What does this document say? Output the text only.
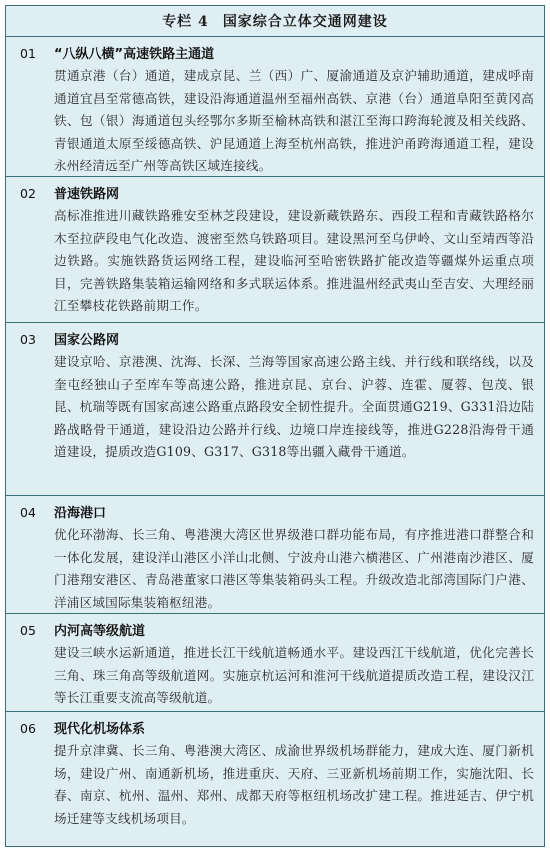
专栏 4 国家综合立体交通网建设
01	“八纵八横”高速铁路主通道
贯通京港（台）通道，建成京昆、兰（西）广、厦渝通道及京沪辅助通道，建成呼南通道宜昌至常德高铁，建设沿海通道温州至福州高铁、京港（台）通道阜阳至黄冈高铁、包（银）海通道包头经鄂尔多斯至榆林高铁和湛江至海口跨海轮渡及相关线路、青银通道太原至绥德高铁、沪昆通道上海至杭州高铁，推进沪甬跨海通道工程，建设永州经清远至广州等高铁区域连接线。
02	普速铁路网
高标准推进川藏铁路雅安至林芝段建设，建设新藏铁路东、西段工程和青藏铁路格尔木至拉萨段电气化改造、渡密至然乌铁路项目。建设黑河至乌伊岭、文山至靖西等沿边铁路。实施铁路货运网络工程，建设临河至哈密铁路扩能改造等疆煤外运重点项目，完善铁路集装箱运输网络和多式联运体系。推进温州经武夷山至吉安、大理经丽江至攀枝花铁路前期工作。
03	国家公路网
建设京哈、京港澳、沈海、长深、兰海等国家高速公路主线、并行线和联络线，以及奎屯经独山子至库车等高速公路，推进京昆、京台、沪蓉、连霍、厦蓉、包茂、银昆、杭瑞等既有国家高速公路重点路段安全韧性提升。全面贯通G219、G331沿边陆路战略骨干通道，建设沿边公路并行线、边境口岸连接线等，推进G228沿海骨干通道建设，提质改造G109、G317、G318等出疆入藏骨干通道。
04	沿海港口
优化环渤海、长三角、粤港澳大湾区世界级港口群功能布局，有序推进港口群整合和一体化发展，建设洋山港区小洋山北侧、宁波舟山港六横港区、广州港南沙港区、厦门港翔安港区、青岛港董家口港区等集装箱码头工程。升级改造北部湾国际门户港、洋浦区域国际集装箱枢纽港。
05	内河高等级航道
建设三峡水运新通道，推进长江干线航道畅通水平。建设西江干线航道，优化完善长三角、珠三角高等级航道网。实施京杭运河和淮河干线航道提质改造工程，建设汉江等长江重要支流高等级航道。
06	现代化机场体系
提升京津冀、长三角、粤港澳大湾区、成渝世界级机场群能力，建成大连、厦门新机场，建设广州、南通新机场，推进重庆、天府、三亚新机场前期工作，实施沈阳、长春、南京、杭州、温州、郑州、成都天府等枢纽机场改扩建工程。推进延吉、伊宁机场迁建等支线机场项目。
